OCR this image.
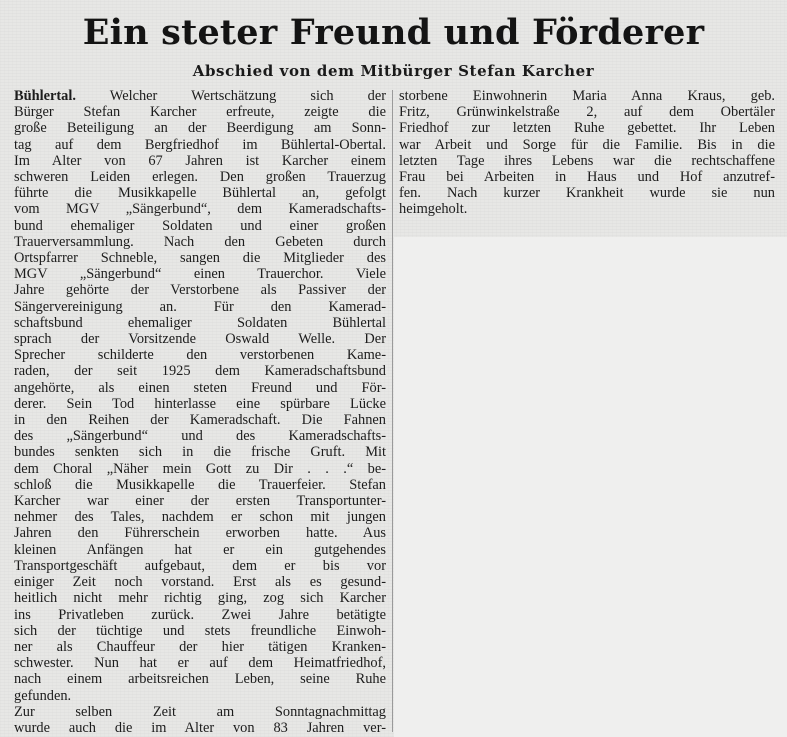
Ein steter Freund und Förderer
Abschied von dem Mitbürger Stefan Karcher
Bühlertal. Welcher Wertschätzung sich der
Bürger Stefan Karcher erfreute, zeigte die
große Beteiligung an der Beerdigung am Sonn-
tag auf dem Bergfriedhof im Bühlertal-Obertal.
Im Alter von 67 Jahren ist Karcher einem
schweren Leiden erlegen. Den großen Trauerzug
führte die Musikkapelle Bühlertal an, gefolgt
vom MGV „Sängerbund“, dem Kameradschafts-
bund ehemaliger Soldaten und einer großen
Trauerversammlung. Nach den Gebeten durch
Ortspfarrer Schneble, sangen die Mitglieder des
MGV „Sängerbund“ einen Trauerchor. Viele
Jahre gehörte der Verstorbene als Passiver der
Sängervereinigung an. Für den Kamerad-
schaftsbund ehemaliger Soldaten Bühlertal
sprach der Vorsitzende Oswald Welle. Der
Sprecher schilderte den verstorbenen Kame-
raden, der seit 1925 dem Kameradschaftsbund
angehörte, als einen steten Freund und För-
derer. Sein Tod hinterlasse eine spürbare Lücke
in den Reihen der Kameradschaft. Die Fahnen
des „Sängerbund“ und des Kameradschafts-
bundes senkten sich in die frische Gruft. Mit
dem Choral „Näher mein Gott zu Dir . . .“ be-
schloß die Musikkapelle die Trauerfeier. Stefan
Karcher war einer der ersten Transportunter-
nehmer des Tales, nachdem er schon mit jungen
Jahren den Führerschein erworben hatte. Aus
kleinen Anfängen hat er ein gutgehendes
Transportgeschäft aufgebaut, dem er bis vor
einiger Zeit noch vorstand. Erst als es gesund-
heitlich nicht mehr richtig ging, zog sich Karcher
ins Privatleben zurück. Zwei Jahre betätigte
sich der tüchtige und stets freundliche Einwoh-
ner als Chauffeur der hier tätigen Kranken-
schwester. Nun hat er auf dem Heimatfriedhof,
nach einem arbeitsreichen Leben, seine Ruhe
gefunden.
Zur selben Zeit am Sonntagnachmittag
wurde auch die im Alter von 83 Jahren ver-
storbene Einwohnerin Maria Anna Kraus, geb.
Fritz, Grünwinkelstraße 2, auf dem Obertäler
Friedhof zur letzten Ruhe gebettet. Ihr Leben
war Arbeit und Sorge für die Familie. Bis in die
letzten Tage ihres Lebens war die rechtschaffene
Frau bei Arbeiten in Haus und Hof anzutref-
fen. Nach kurzer Krankheit wurde sie nun
heimgeholt.
